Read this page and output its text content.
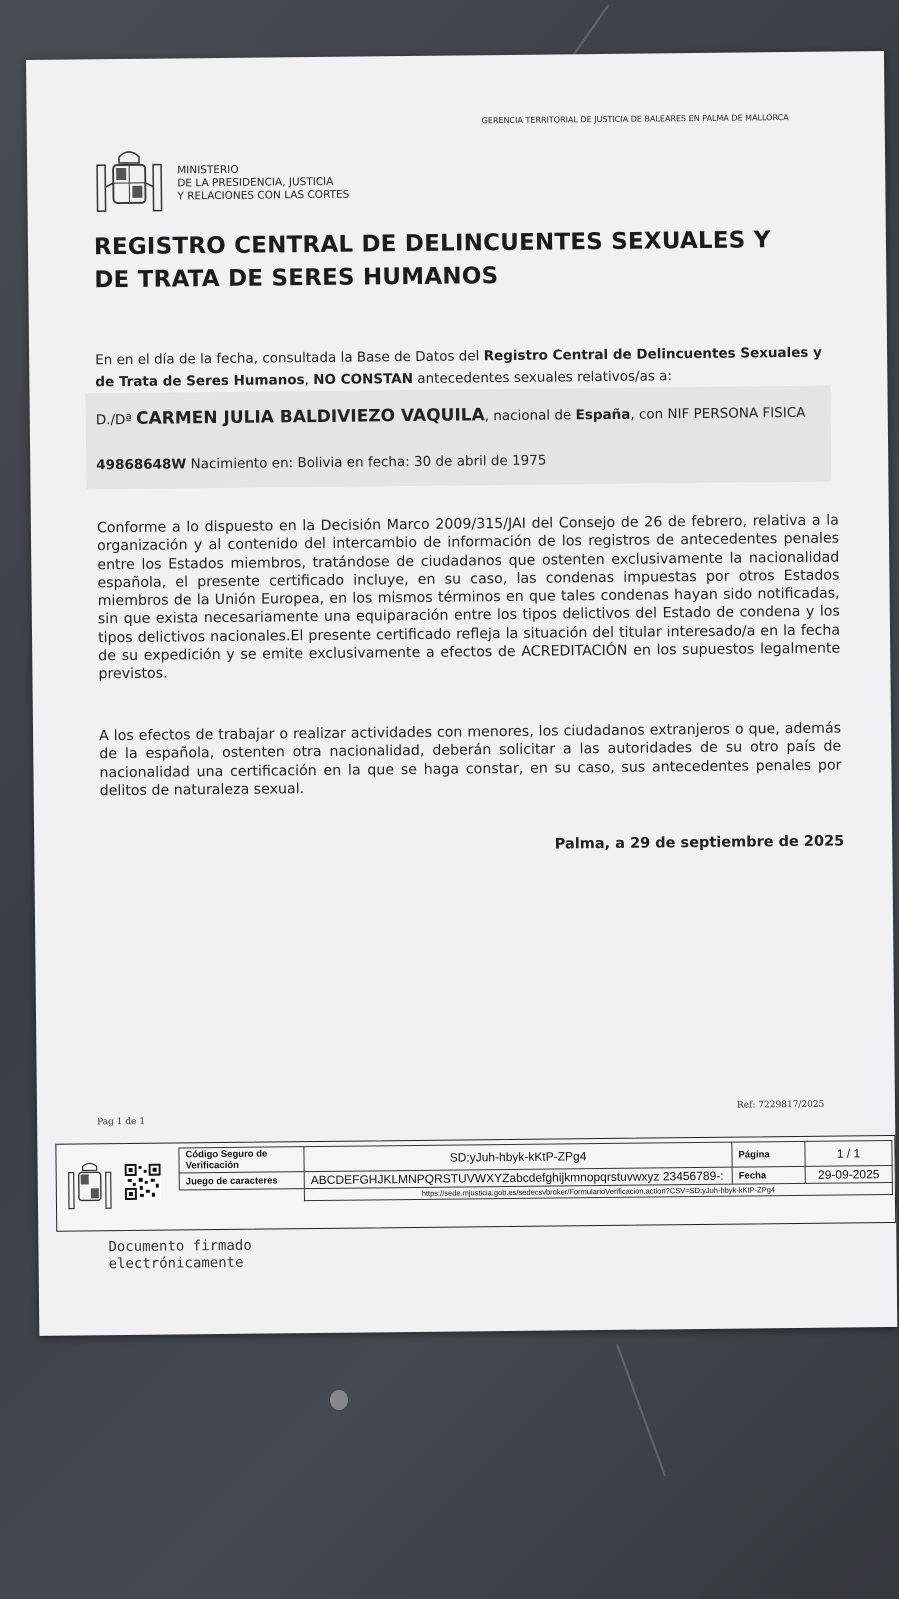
GERENCIA TERRITORIAL DE JUSTICIA DE BALEARES EN PALMA DE MALLORCA
MINISTERIO
DE LA PRESIDENCIA, JUSTICIA
Y RELACIONES CON LAS CORTES
REGISTRO CENTRAL DE DELINCUENTES SEXUALES Y
DE TRATA DE SERES HUMANOS
En en el día de la fecha, consultada la Base de Datos del Registro Central de Delincuentes Sexuales y de Trata de Seres Humanos, NO CONSTAN antecedentes sexuales relativos/as a:
D./Dª CARMEN JULIA BALDIVIEZO VAQUILA, nacional de España, con NIF PERSONA FISICA
49868648W Nacimiento en: Bolivia en fecha: 30 de abril de 1975
Conforme a lo dispuesto en la Decisión Marco 2009/315/JAI del Consejo de 26 de febrero, relativa a la organización y al contenido del intercambio de información de los registros de antecedentes penales entre los Estados miembros, tratándose de ciudadanos que ostenten exclusivamente la nacionalidad española, el presente certificado incluye, en su caso, las condenas impuestas por otros Estados miembros de la Unión Europea, en los mismos términos en que tales condenas hayan sido notificadas, sin que exista necesariamente una equiparación entre los tipos delictivos del Estado de condena y los tipos delictivos nacionales.El presente certificado refleja la situación del titular interesado/a en la fecha de su expedición y se emite exclusivamente a efectos de ACREDITACIÓN en los supuestos legalmente previstos.
A los efectos de trabajar o realizar actividades con menores, los ciudadanos extranjeros o que, además de la española, ostenten otra nacionalidad, deberán solicitar a las autoridades de su otro país de nacionalidad una certificación en la que se haga constar, en su caso, sus antecedentes penales por delitos de naturaleza sexual.
Palma, a 29 de septiembre de 2025
Pag 1 de 1
Ref: 7229817/2025
Código Seguro de Verificación	SD:yJuh-hbyk-kKtP-ZPg4	Página	1 / 1
Juego de caracteres	ABCDEFGHJKLMNPQRSTUVWXYZabcdefghijkmnopqrstuvwxyz 23456789-:	Fecha	29-09-2025
	https://sede.mjusticia.gob.es/sedecsvbroker/FormularioVerificacion.action?CSV=SD:yJuh-hbyk-kKtP-ZPg4		
Documento firmado
electrónicamente
